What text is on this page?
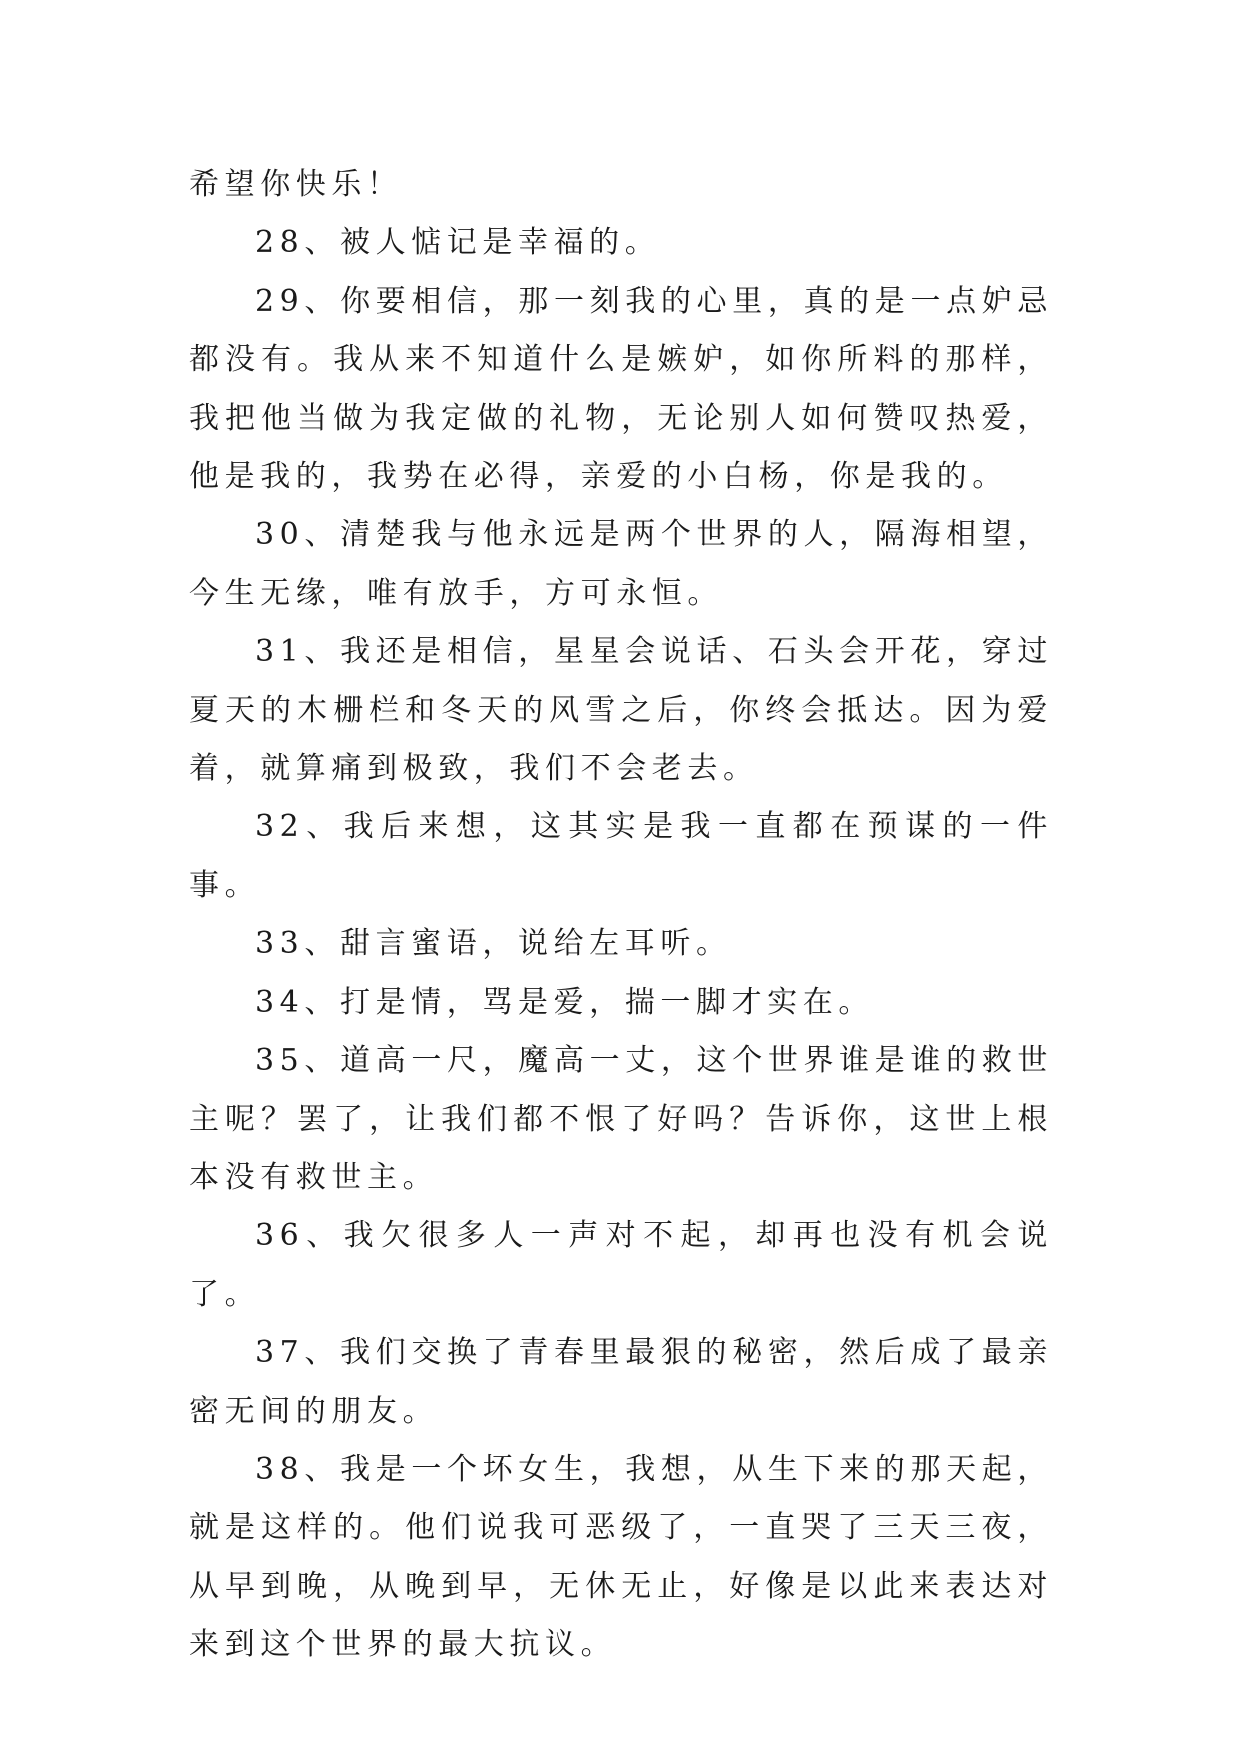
希望你快乐！

28、被人惦记是幸福的。

29、你要相信，那一刻我的心里，真的是一点妒忌都没有。我从来不知道什么是嫉妒，如你所料的那样，我把他当做为我定做的礼物，无论别人如何赞叹热爱，他是我的，我势在必得，亲爱的小白杨，你是我的。

30、清楚我与他永远是两个世界的人，隔海相望，今生无缘，唯有放手，方可永恒。

31、我还是相信，星星会说话、石头会开花，穿过夏天的木栅栏和冬天的风雪之后，你终会抵达。因为爱着，就算痛到极致，我们不会老去。

32、我后来想，这其实是我一直都在预谋的一件事。

33、甜言蜜语，说给左耳听。

34、打是情，骂是爱，揣一脚才实在。

35、道高一尺，魔高一丈，这个世界谁是谁的救世主呢？罢了，让我们都不恨了好吗？告诉你，这世上根本没有救世主。

36、我欠很多人一声对不起，却再也没有机会说了。

37、我们交换了青春里最狠的秘密，然后成了最亲密无间的朋友。

38、我是一个坏女生，我想，从生下来的那天起，就是这样的。他们说我可恶级了，一直哭了三天三夜，从早到晚，从晚到早，无休无止，好像是以此来表达对来到这个世界的最大抗议。
